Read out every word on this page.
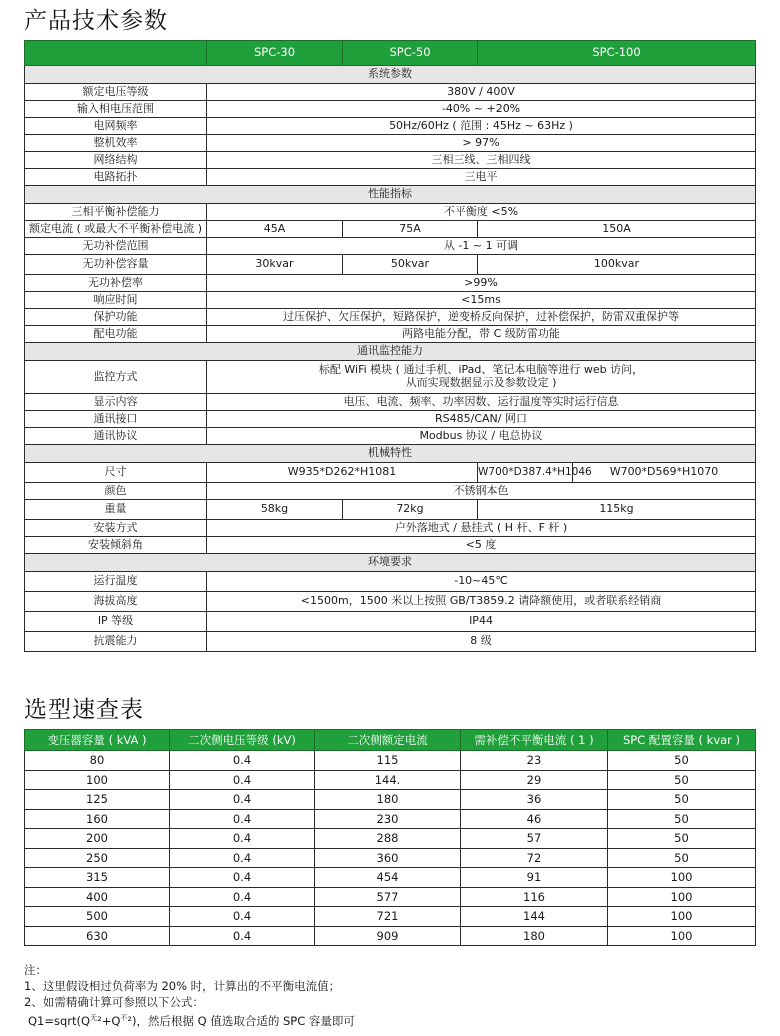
产品技术参数
	SPC-30	SPC-50	SPC-100	
系统参数				
额定电压等级	380V / 400V			
输入相电压范围	-40% ~ +20%			
电网频率	50Hz/60Hz ( 范围 : 45Hz ~ 63Hz )			
整机效率	> 97%			
网络结构	三相三线、三相四线			
电路拓扑	三电平			
性能指标				
三相平衡补偿能力	不平衡度 <5%			
额定电流 ( 或最大不平衡补偿电流 )	45A	75A	150A	
无功补偿范围	从 -1 ~ 1 可调			
无功补偿容量	30kvar	50kvar	100kvar	
无功补偿率	>99%			
响应时间	<15ms			
保护功能	过压保护、欠压保护，短路保护，逆变桥反向保护，过补偿保护，防雷双重保护等			
配电功能	两路电能分配，带 C 级防雷功能			
通讯监控能力				
监控方式	标配 WiFi 模块 ( 通过手机、iPad、笔记本电脑等进行 web 访问，
从而实现数据显示及参数设定 )			

显示内容	电压、电流、频率、功率因数、运行温度等实时运行信息			
通讯接口	RS485/CAN/ 网口			
通讯协议	Modbus 协议 / 电总协议			
机械特性				
尺寸	W935*D262*H1081		W700*D387.4*H1046	W700*D569*H1070
颜色	不锈钢本色			
重量	58kg	72kg	115kg	
安装方式	户外落地式 / 悬挂式 ( H 杆、F 杆 )			
安装倾斜角	<5 度			
环境要求				
运行温度	-10~45℃			
海拔高度	<1500m，1500 米以上按照 GB/T3859.2 请降额使用，或者联系经销商			
IP 等级	IP44			
抗震能力	8 级			
选型速查表
变压器容量 ( kVA )	二次侧电压等级 (kV)	二次侧额定电流	需补偿不平衡电流 ( 1 )	SPC 配置容量 ( kvar )
80	0.4	115	23	50
100	0.4	144.	29	50
125	0.4	180	36	50
160	0.4	230	46	50
200	0.4	288	57	50
250	0.4	360	72	50
315	0.4	454	91	100
400	0.4	577	116	100
500	0.4	721	144	100
630	0.4	909	180	100
注：
1、这里假设相过负荷率为 20% 时，计算出的不平衡电流值；
2、如需精确计算可参照以下公式：
$Q1=sqrt(Q^无^2+Q^不^2)$，然后根据 Q 值选取合适的 SPC 容量即可
